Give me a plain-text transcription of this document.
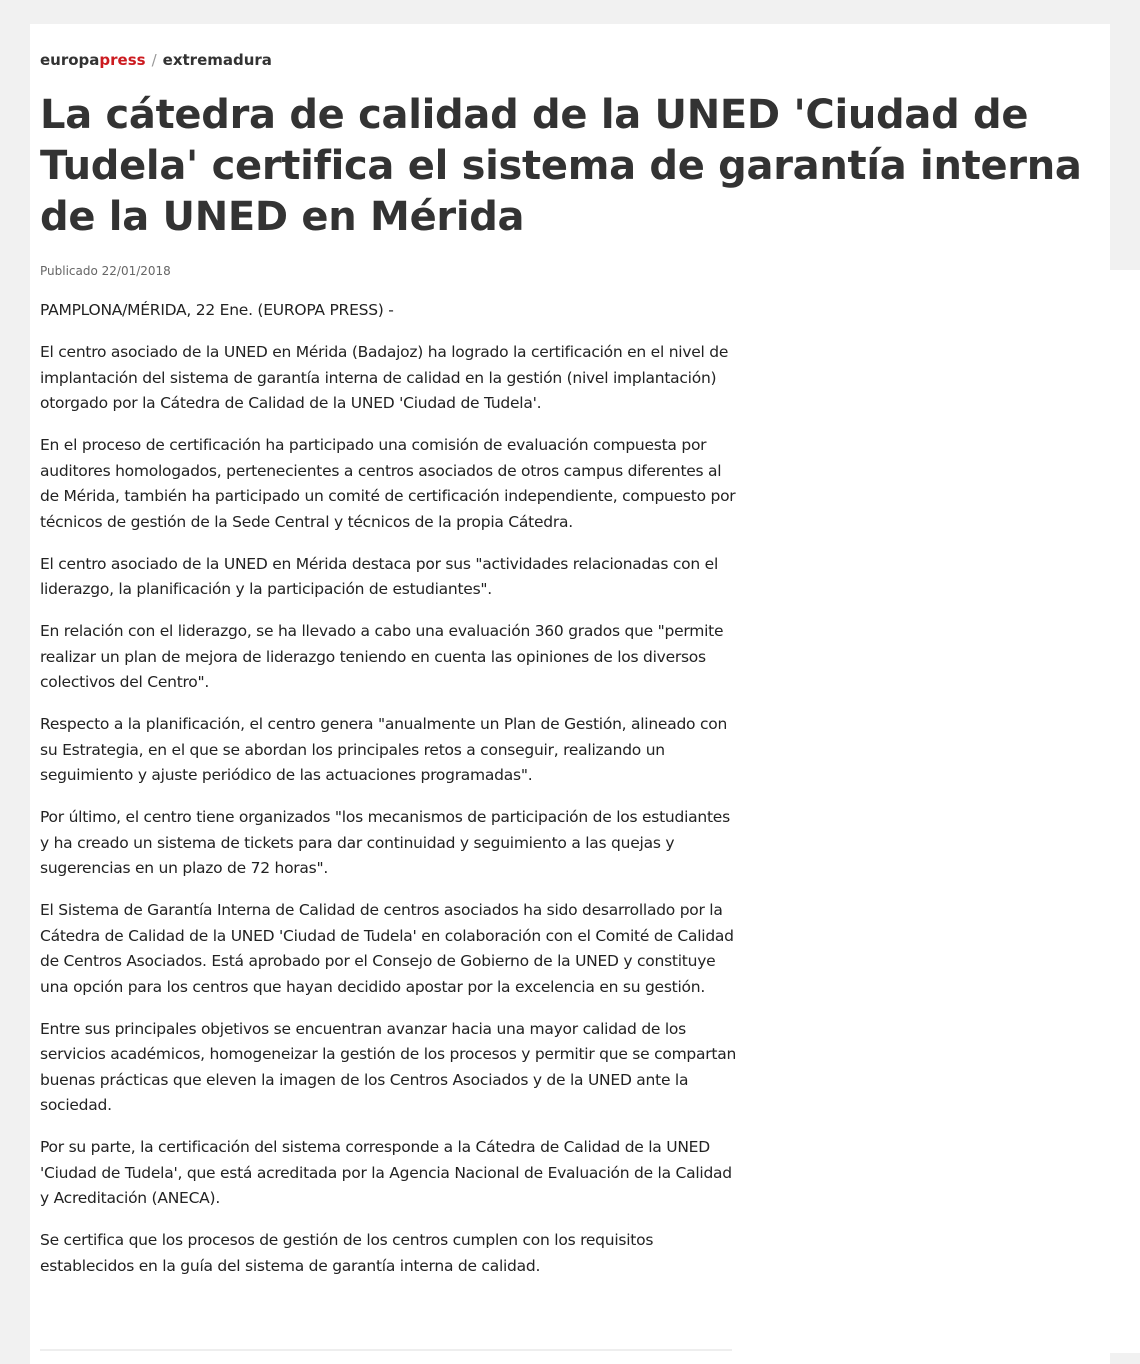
europapress / extremadura
La cátedra de calidad de la UNED 'Ciudad de Tudela' certifica el sistema de garantía interna de la UNED en Mérida
Publicado 22/01/2018

PAMPLONA/MÉRIDA, 22 Ene. (EUROPA PRESS) -

El centro asociado de la UNED en Mérida (Badajoz) ha logrado la certificación en el nivel de implantación del sistema de garantía interna de calidad en la gestión (nivel implantación) otorgado por la Cátedra de Calidad de la UNED 'Ciudad de Tudela'.

En el proceso de certificación ha participado una comisión de evaluación compuesta por auditores homologados, pertenecientes a centros asociados de otros campus diferentes al de Mérida, también ha participado un comité de certificación independiente, compuesto por técnicos de gestión de la Sede Central y técnicos de la propia Cátedra.

El centro asociado de la UNED en Mérida destaca por sus "actividades relacionadas con el liderazgo, la planificación y la participación de estudiantes".

En relación con el liderazgo, se ha llevado a cabo una evaluación 360 grados que "permite realizar un plan de mejora de liderazgo teniendo en cuenta las opiniones de los diversos colectivos del Centro".

Respecto a la planificación, el centro genera "anualmente un Plan de Gestión, alineado con su Estrategia, en el que se abordan los principales retos a conseguir, realizando un seguimiento y ajuste periódico de las actuaciones programadas".

Por último, el centro tiene organizados "los mecanismos de participación de los estudiantes y ha creado un sistema de tickets para dar continuidad y seguimiento a las quejas y sugerencias en un plazo de 72 horas".

El Sistema de Garantía Interna de Calidad de centros asociados ha sido desarrollado por la Cátedra de Calidad de la UNED 'Ciudad de Tudela' en colaboración con el Comité de Calidad de Centros Asociados. Está aprobado por el Consejo de Gobierno de la UNED y constituye una opción para los centros que hayan decidido apostar por la excelencia en su gestión.

Entre sus principales objetivos se encuentran avanzar hacia una mayor calidad de los servicios académicos, homogeneizar la gestión de los procesos y permitir que se compartan buenas prácticas que eleven la imagen de los Centros Asociados y de la UNED ante la sociedad.

Por su parte, la certificación del sistema corresponde a la Cátedra de Calidad de la UNED 'Ciudad de Tudela', que está acreditada por la Agencia Nacional de Evaluación de la Calidad y Acreditación (ANECA).

Se certifica que los procesos de gestión de los centros cumplen con los requisitos establecidos en la guía del sistema de garantía interna de calidad.
